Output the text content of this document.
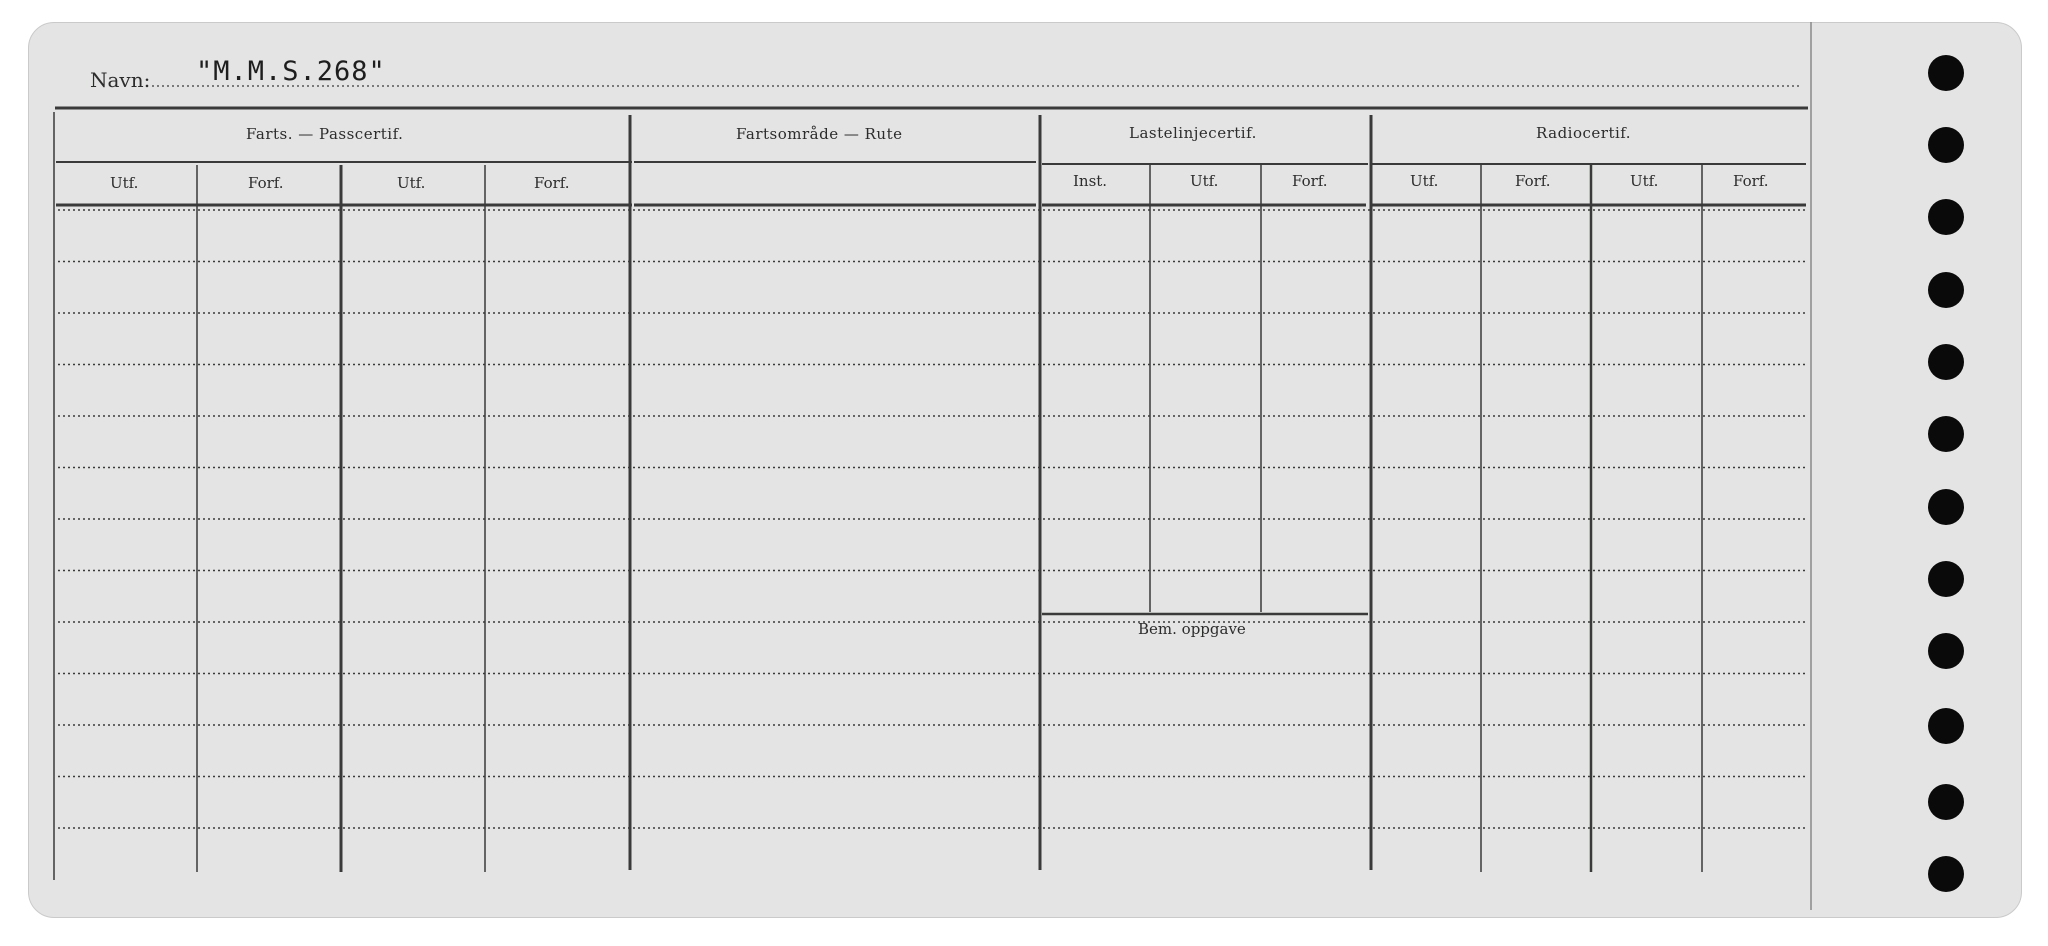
Navn: "M.M.S.268"
Farts. — Passcertif.	Fartsområde — Rute	Lastelinjecertif.	Radiocertif.
Utf.	Forf.	Utf.	Forf.	Inst.	Utf.	Forf.	Utf.	Forf.	Utf.	Forf.
Bem. oppgave
